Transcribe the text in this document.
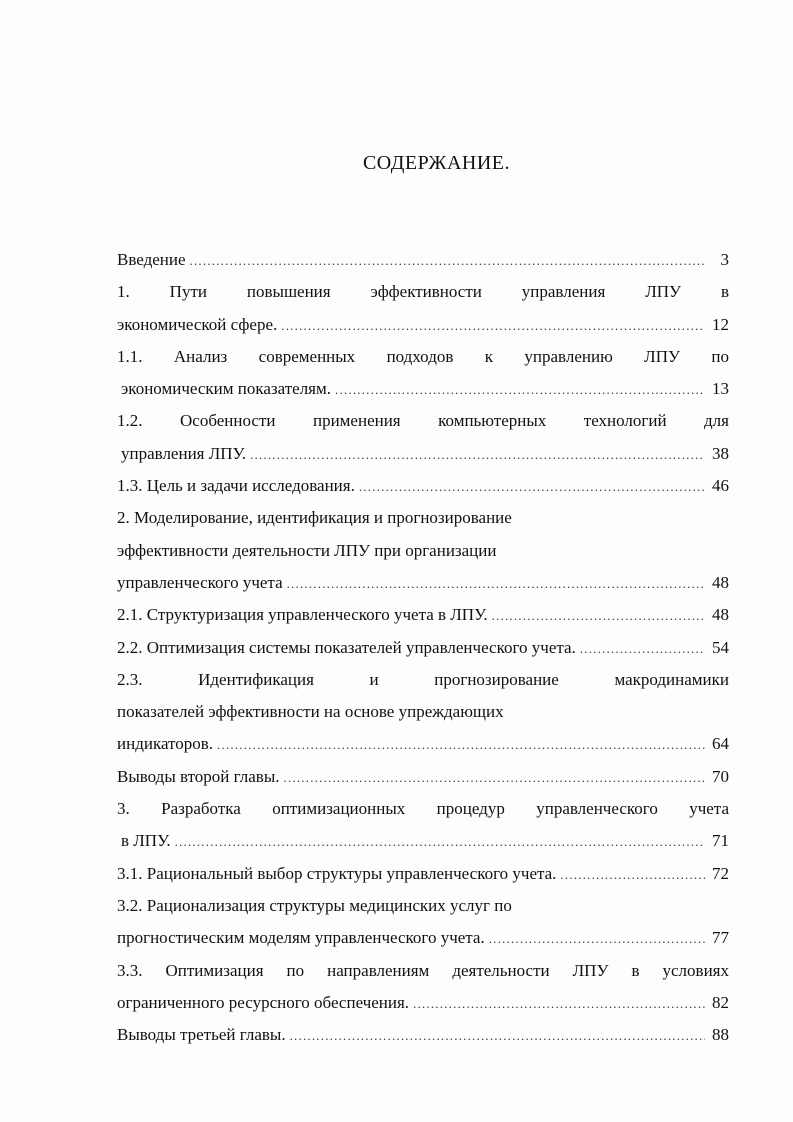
СОДЕРЖАНИЕ.
Введение .....	3
1. Пути повышения эффективности управления ЛПУ в
экономической сфере. .....	12
1.1. Анализ современных подходов к управлению ЛПУ по
экономическим показателям. .....	13
1.2. Особенности применения компьютерных технологий для
управления ЛПУ. .....	38
1.3. Цель и задачи исследования. .....	46
2. Моделирование, идентификация и прогнозирование
эффективности деятельности ЛПУ при организации
управленческого учета .....	48
2.1. Структуризация управленческого учета в ЛПУ. .....	48
2.2. Оптимизация системы показателей управленческого учета. .....	54
2.3. Идентификация и прогнозирование макродинамики
показателей эффективности на основе упреждающих
индикаторов. .....	64
Выводы второй главы. .....	70
3. Разработка оптимизационных процедур управленческого учета
в ЛПУ. .....	71
3.1. Рациональный выбор структуры управленческого учета. .....	72
3.2. Рационализация структуры медицинских услуг по
прогностическим моделям управленческого учета. .....	77
3.3. Оптимизация по направлениям деятельности ЛПУ в условиях
ограниченного ресурсного обеспечения. .....	82
Выводы третьей главы. .....	88
